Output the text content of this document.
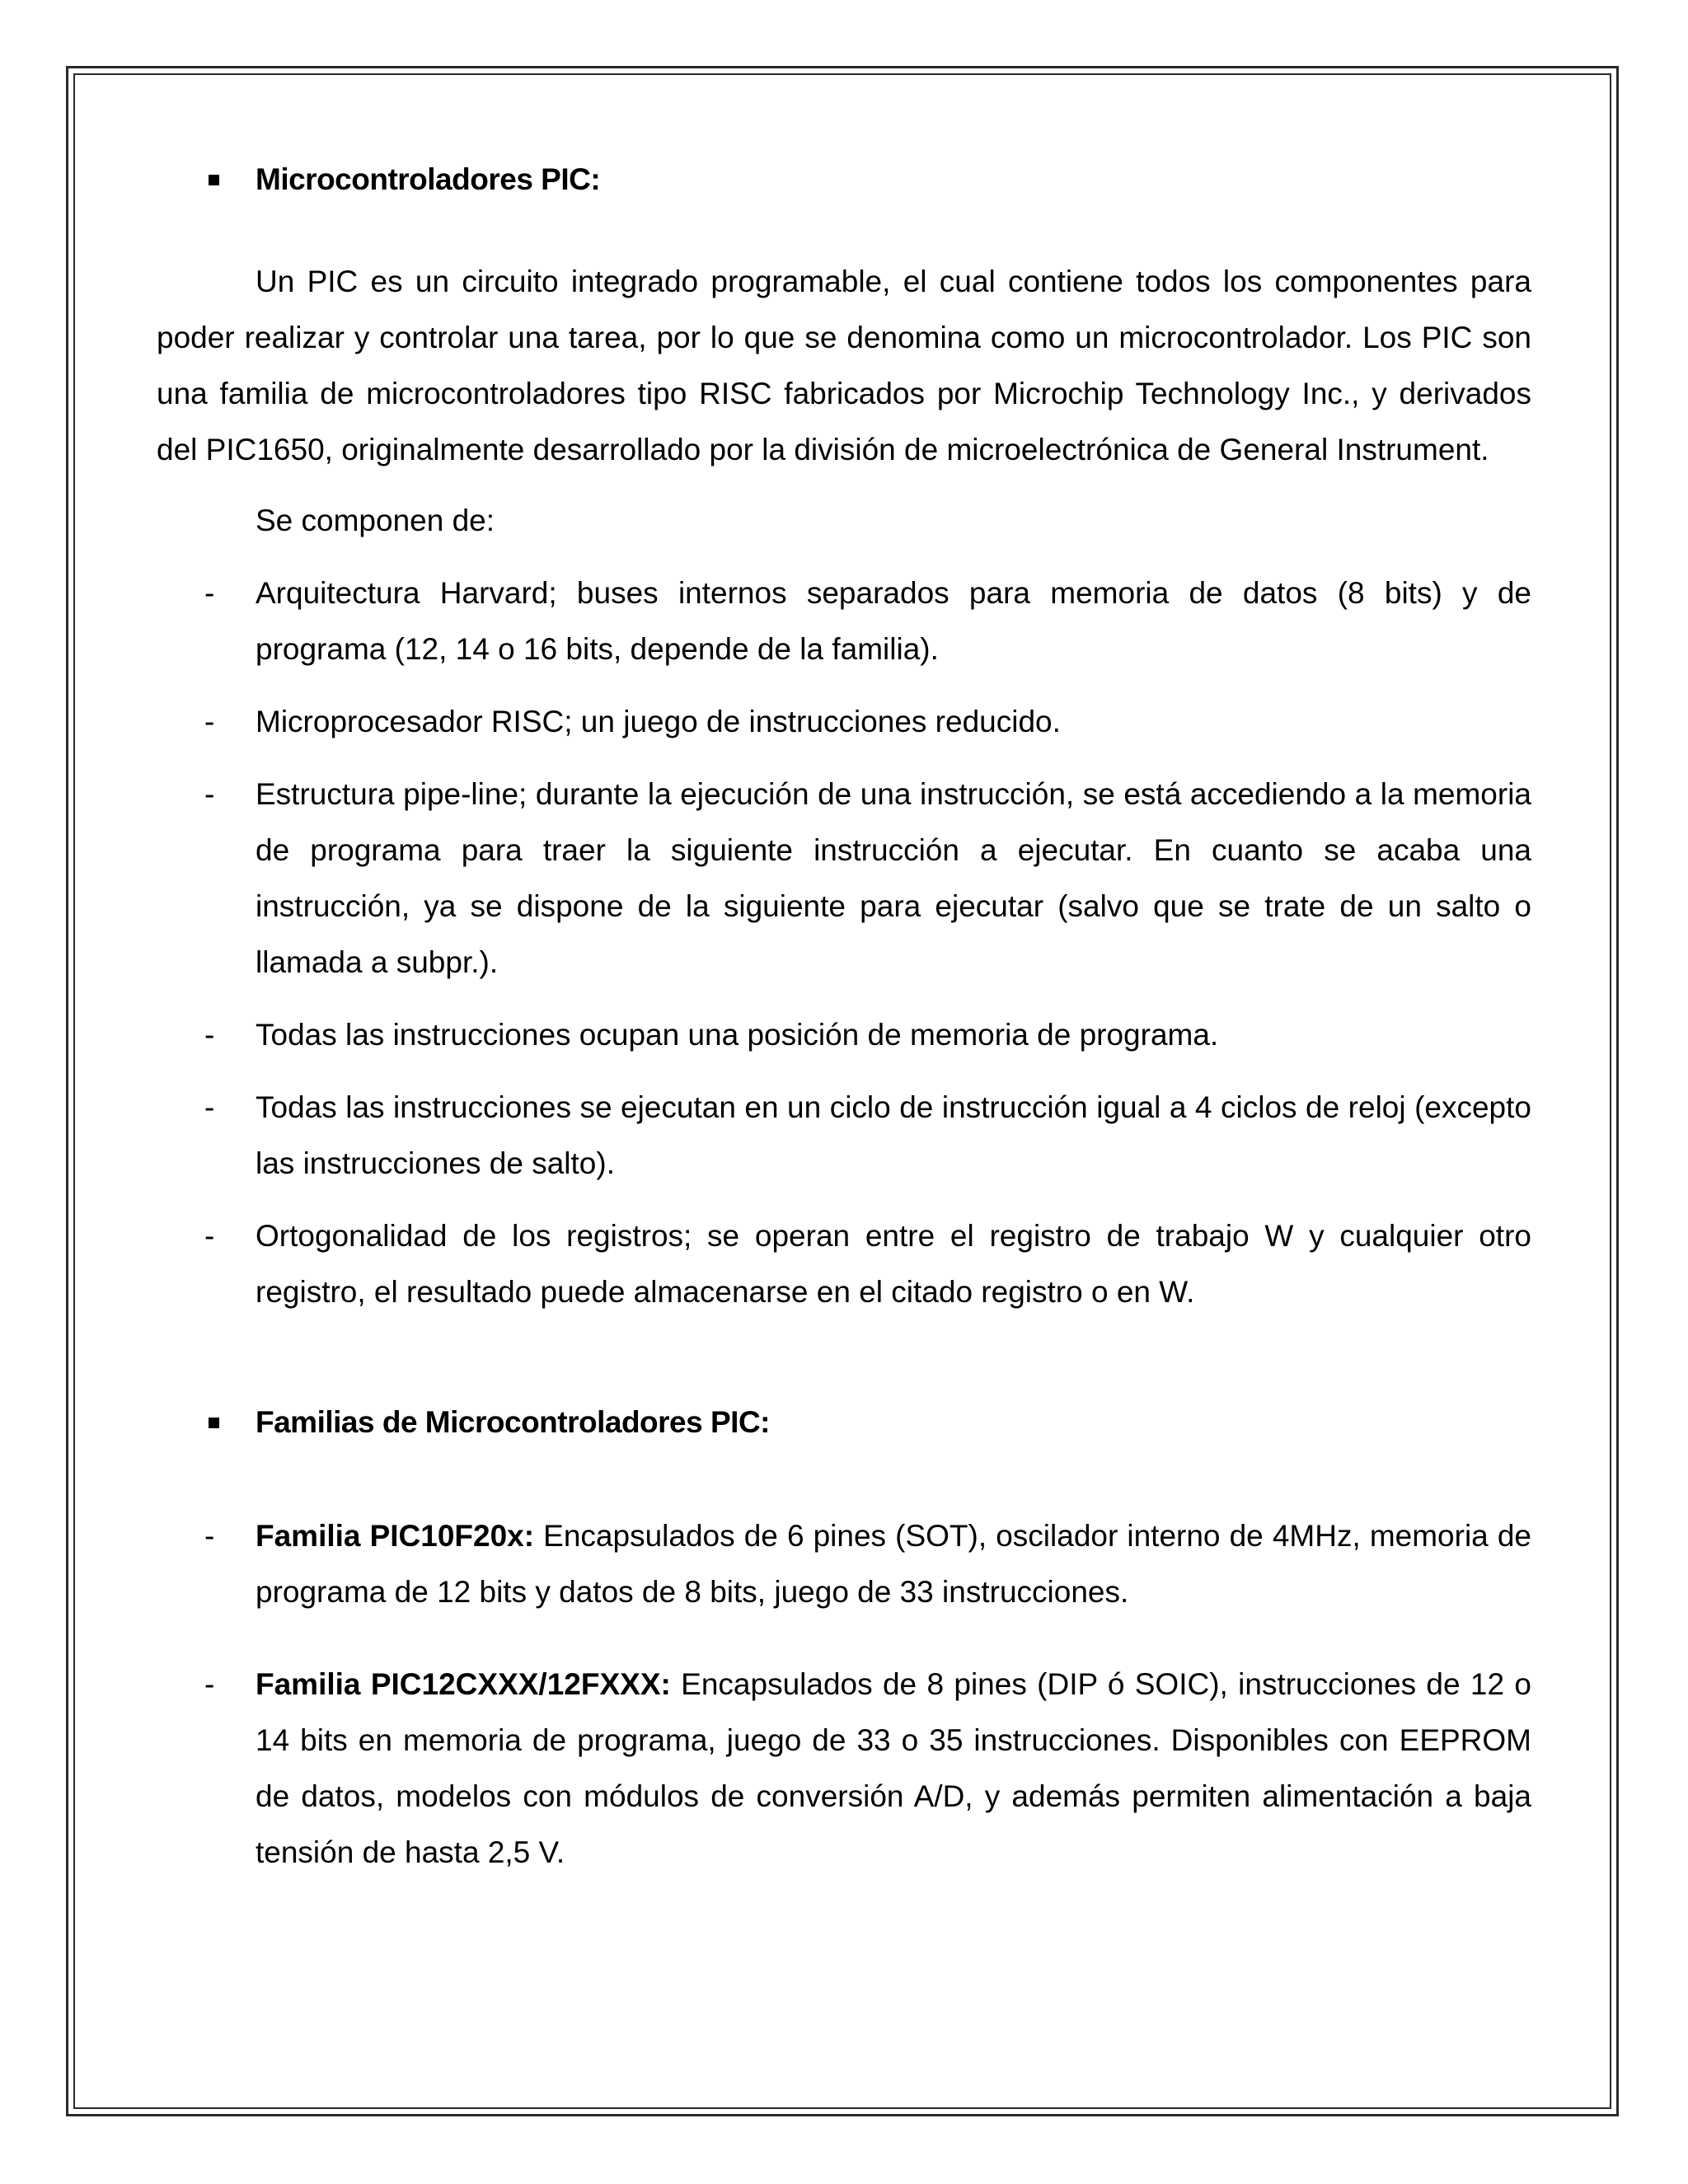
Microcontroladores PIC:

Un PIC es un circuito integrado programable, el cual contiene todos los componentes para poder realizar y controlar una tarea, por lo que se denomina como un microcontrolador. Los PIC son una familia de microcontroladores tipo RISC fabricados por Microchip Technology Inc., y derivados del PIC1650, originalmente desarrollado por la división de microelectrónica de General Instrument.

Se componen de:

- Arquitectura Harvard; buses internos separados para memoria de datos (8 bits) y de programa (12, 14 o 16 bits, depende de la familia).
- Microprocesador RISC; un juego de instrucciones reducido.
- Estructura pipe-line; durante la ejecución de una instrucción, se está accediendo a la memoria de programa para traer la siguiente instrucción a ejecutar. En cuanto se acaba una instrucción, ya se dispone de la siguiente para ejecutar (salvo que se trate de un salto o llamada a subpr.).
- Todas las instrucciones ocupan una posición de memoria de programa.
- Todas las instrucciones se ejecutan en un ciclo de instrucción igual a 4 ciclos de reloj (excepto las instrucciones de salto).
- Ortogonalidad de los registros; se operan entre el registro de trabajo W y cualquier otro registro, el resultado puede almacenarse en el citado registro o en W.
Familias de Microcontroladores PIC:
- Familia PIC10F20x: Encapsulados de 6 pines (SOT), oscilador interno de 4MHz, memoria de programa de 12 bits y datos de 8 bits, juego de 33 instrucciones.
- Familia PIC12CXXX/12FXXX: Encapsulados de 8 pines (DIP ó SOIC), instrucciones de 12 o 14 bits en memoria de programa, juego de 33 o 35 instrucciones. Disponibles con EEPROM de datos, modelos con módulos de conversión A/D, y además permiten alimentación a baja tensión de hasta 2,5 V.
